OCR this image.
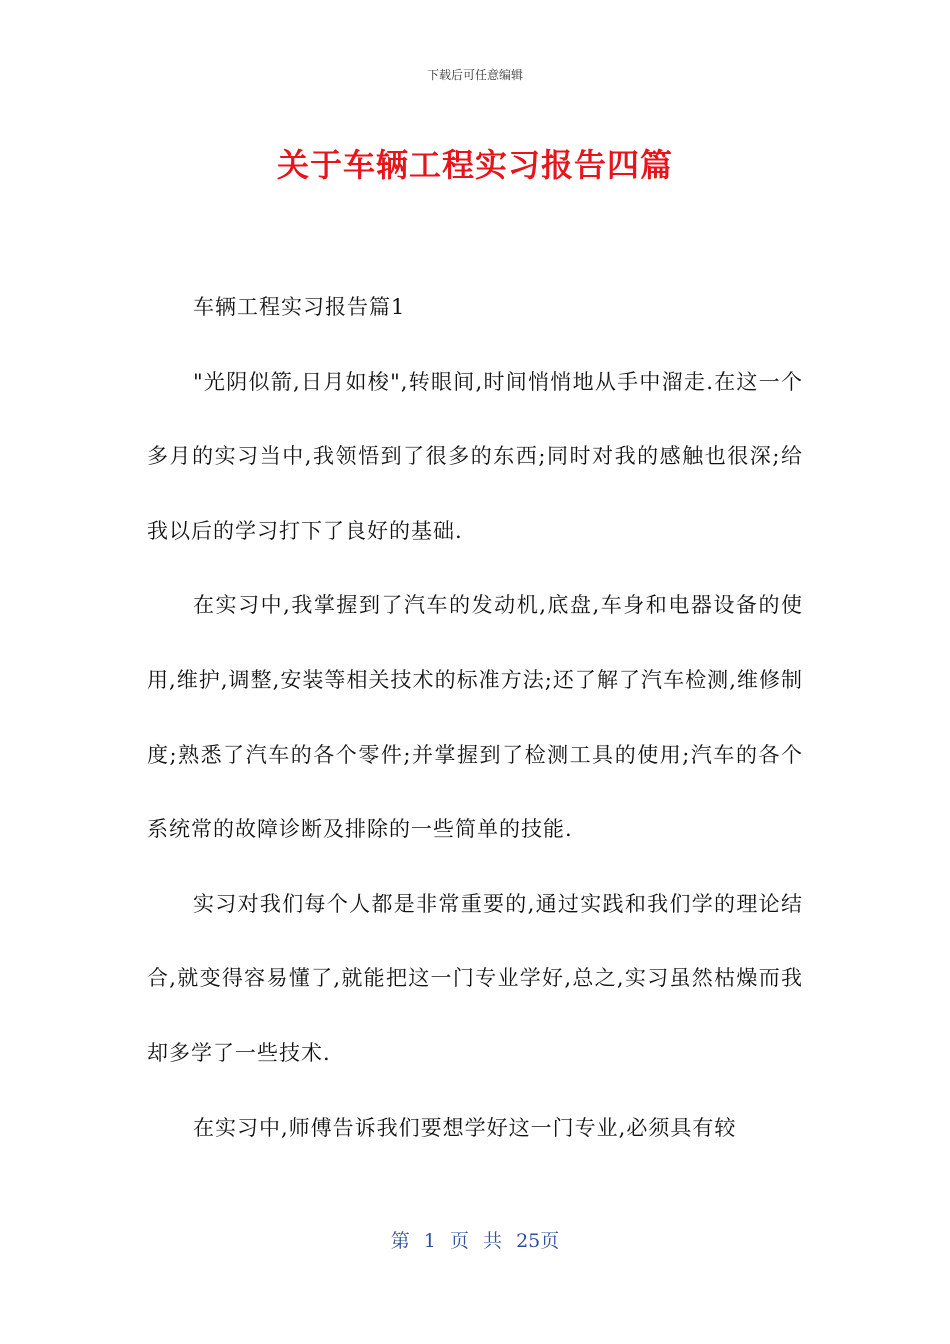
下载后可任意编辑
关于车辆工程实习报告四篇

车辆工程实习报告篇1

"光阴似箭,日月如梭",转眼间,时间悄悄地从手中溜走.在这一个多月的实习当中,我领悟到了很多的东西;同时对我的感触也很深;给我以后的学习打下了良好的基础.

在实习中,我掌握到了汽车的发动机,底盘,车身和电器设备的使用,维护,调整,安装等相关技术的标准方法;还了解了汽车检测,维修制度;熟悉了汽车的各个零件;并掌握到了检测工具的使用;汽车的各个系统常的故障诊断及排除的一些简单的技能.

实习对我们每个人都是非常重要的,通过实践和我们学的理论结合,就变得容易懂了,就能把这一门专业学好,总之,实习虽然枯燥而我却多学了一些技术.

在实习中,师傅告诉我们要想学好这一门专业,必须具有较

第 1 页 共 25页
